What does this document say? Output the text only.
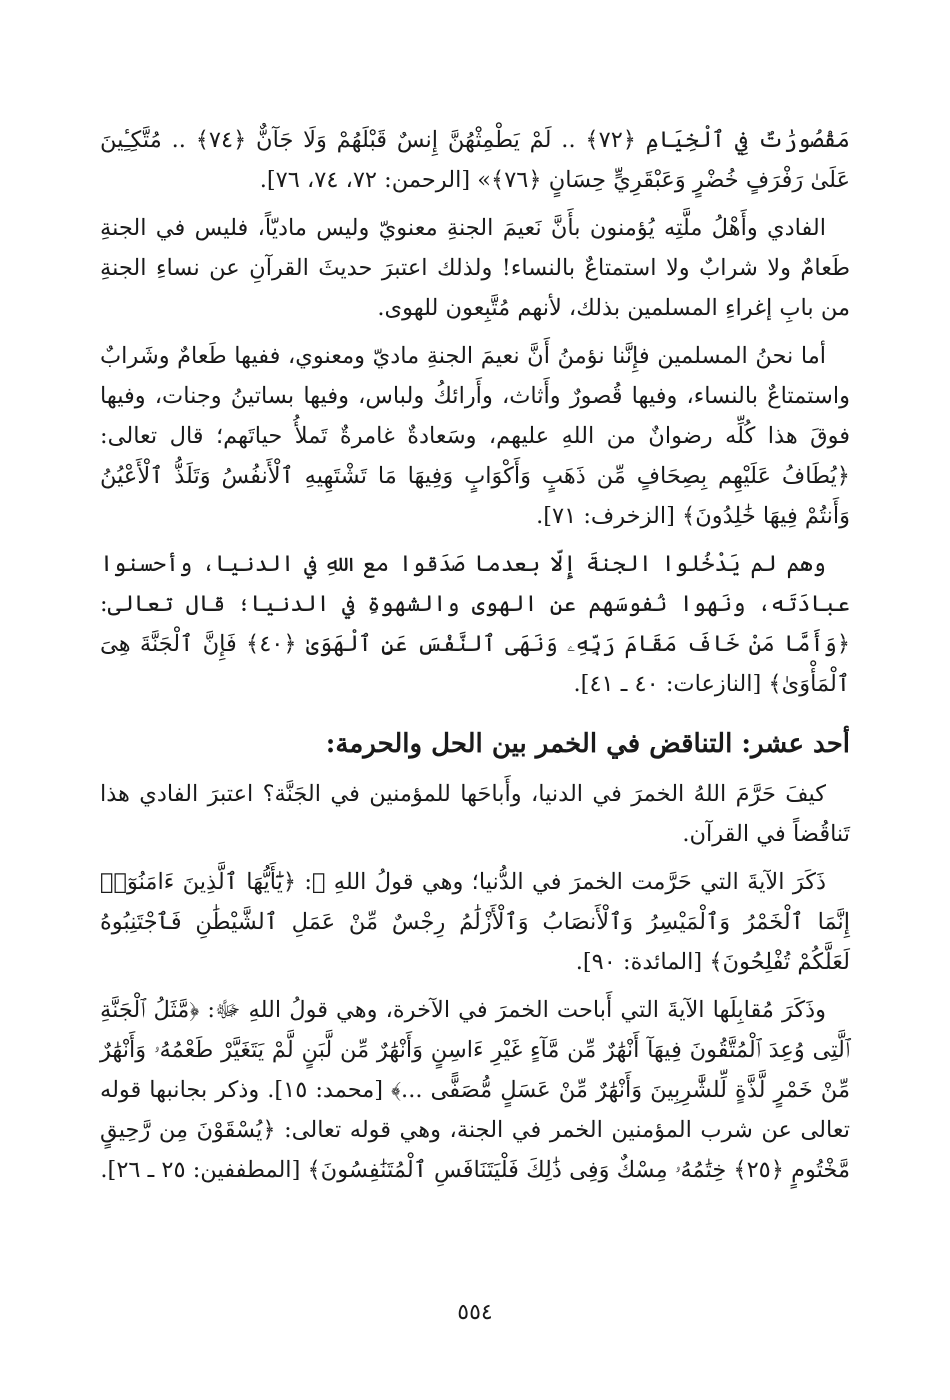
مَقْصُورَٰتٌ فِي ٱلْخِيَامِ ﴿٧٢﴾ .. لَمْ يَطْمِثْهُنَّ إِنسٌ قَبْلَهُمْ وَلَا جَآنٌّ ﴿٧٤﴾ .. مُتَّكِـِٔينَ عَلَىٰ رَفْرَفٍ خُضْرٍ وَعَبْقَرِيٍّ حِسَانٍ ﴿٧٦﴾» [الرحمن: ٧٢، ٧٤، ٧٦].

الفادي وأَهْلُ ملَّتِه يُؤمنون بأَنَّ نَعيمَ الجنةِ معنويّ وليس ماديّاً، فليس في الجنةِ طَعامٌ ولا شرابٌ ولا استمتاعٌ بالنساء! ولذلك اعتبرَ حديثَ القرآنِ عن نساءِ الجنةِ من بابِ إغراءِ المسلمين بذلك، لأنهم مُتَّبِعون للهوى.

أما نحنُ المسلمين فإِنَّنا نؤمنُ أَنَّ نعيمَ الجنةِ ماديّ ومعنوي، ففيها طَعامٌ وشَرابٌ واستمتاعٌ بالنساء، وفيها قُصورٌ وأَثاث، وأَرائكُ ولباس، وفيها بساتينُ وجنات، وفيها فوقَ هذا كُلِّه رضوانٌ من اللهِ عليهم، وسَعادةٌ غامرةٌ تَملأُ حياتَهم؛ قال تعالى: ﴿يُطَافُ عَلَيْهِم بِصِحَافٍ مِّن ذَهَبٍ وَأَكْوَابٍ وَفِيهَا مَا تَشْتَهِيهِ ٱلْأَنفُسُ وَتَلَذُّ ٱلْأَعْيُنُ وَأَنتُمْ فِيهَا خَٰلِدُونَ﴾ [الزخرف: ٧١].

وهم لم يَدْخُلوا الجنةَ إِلّا بعدما صَدَقوا مع اللهِ في الدنيا، وأحسنوا عبادَتَه، ونَهوا نُفوسَهم عن الهوى والشهوةِ في الدنيا؛ قال تعالى: ﴿وَأَمَّا مَنْ خَافَ مَقَامَ رَبِّهِۦ وَنَهَى ٱلنَّفْسَ عَنِ ٱلْهَوَىٰ ﴿٤٠﴾ فَإِنَّ ٱلْجَنَّةَ هِىَ ٱلْمَأْوَىٰ﴾ [النازعات: ٤٠ ـ ٤١].

أحد عشر: التناقض في الخمر بين الحل والحرمة:

كيفَ حَرَّمَ اللهُ الخمرَ في الدنيا، وأَباحَها للمؤمنين في الجَنَّة؟ اعتبرَ الفادي هذا تَناقُضاً في القرآن.

ذَكَرَ الآيةَ التي حَرَّمت الخمرَ في الدُّنيا؛ وهي قولُ اللهِ ﷻ: ﴿يَٰٓأَيُّهَا ٱلَّذِينَ ءَامَنُوٓا۟ إِنَّمَا ٱلْخَمْرُ وَٱلْمَيْسِرُ وَٱلْأَنصَابُ وَٱلْأَزْلَٰمُ رِجْسٌ مِّنْ عَمَلِ ٱلشَّيْطَٰنِ فَٱجْتَنِبُوهُ لَعَلَّكُمْ تُفْلِحُونَ﴾ [المائدة: ٩٠].

وذَكَرَ مُقابِلَها الآيةَ التي أَباحت الخمرَ في الآخرة، وهي قولُ اللهِ ﷻ: ﴿مَّثَلُ ٱلْجَنَّةِ ٱلَّتِى وُعِدَ ٱلْمُتَّقُونَ فِيهَآ أَنْهَٰرٌ مِّن مَّآءٍ غَيْرِ ءَاسِنٍ وَأَنْهَٰرٌ مِّن لَّبَنٍ لَّمْ يَتَغَيَّرْ طَعْمُهُۥ وَأَنْهَٰرٌ مِّنْ خَمْرٍ لَّذَّةٍ لِّلشَّٰرِبِينَ وَأَنْهَٰرٌ مِّنْ عَسَلٍ مُّصَفًّى ...﴾ [محمد: ١٥]. وذكر بجانبها قوله تعالى عن شرب المؤمنين الخمر في الجنة، وهي قوله تعالى: ﴿يُسْقَوْنَ مِن رَّحِيقٍ مَّخْتُومٍ ﴿٢٥﴾ خِتَٰمُهُۥ مِسْكٌ وَفِى ذَٰلِكَ فَلْيَتَنَافَسِ ٱلْمُتَنَٰفِسُونَ﴾ [المطففين: ٢٥ ـ ٢٦].

٥٥٤
